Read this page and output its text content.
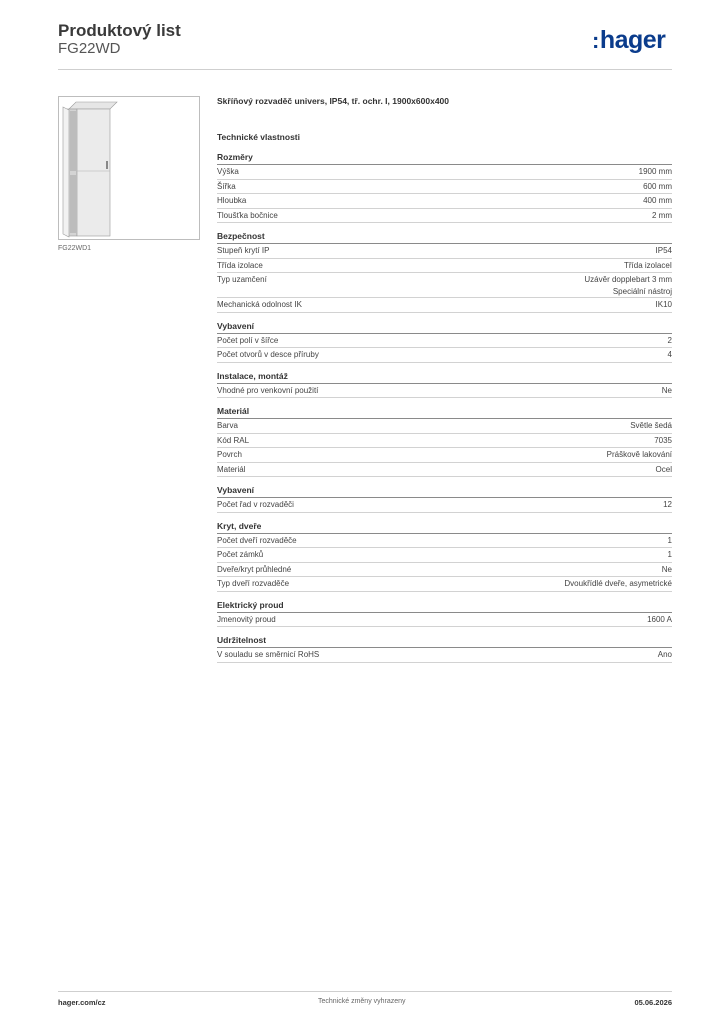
Produktový list
FG22WD	:hager
FG22WD1
Skříňový rozvaděč univers, IP54, tř. ochr. I, 1900x600x400
Technické vlastnosti
Rozměry
Výška	1900 mm
Šířka	600 mm
Hloubka	400 mm
Tloušťka bočnice	2 mm
Bezpečnost
Stupeň krytí IP	IP54
Třída izolace	Třída izolaceI
Typ uzamčení	Uzávěr dopplebart 3 mm
Speciální nástroj
Mechanická odolnost IK	IK10
Vybavení
Počet polí v šířce	2
Počet otvorů v desce příruby	4
Instalace, montáž
Vhodné pro venkovní použití	Ne
Materiál
Barva	Světle šedá
Kód RAL	7035
Povrch	Práškově lakování
Materiál	Ocel
Vybavení
Počet řad v rozvaděči	12
Kryt, dveře
Počet dveří rozvaděče	1
Počet zámků	1
Dveře/kryt průhledné	Ne
Typ dveří rozvaděče	Dvoukřídlé dveře, asymetrické
Elektrický proud
Jmenovitý proud	1600 A
Udržitelnost
V souladu se směrnicí RoHS	Ano
hager.com/cz	Technické změny vyhrazeny	05.06.2026
